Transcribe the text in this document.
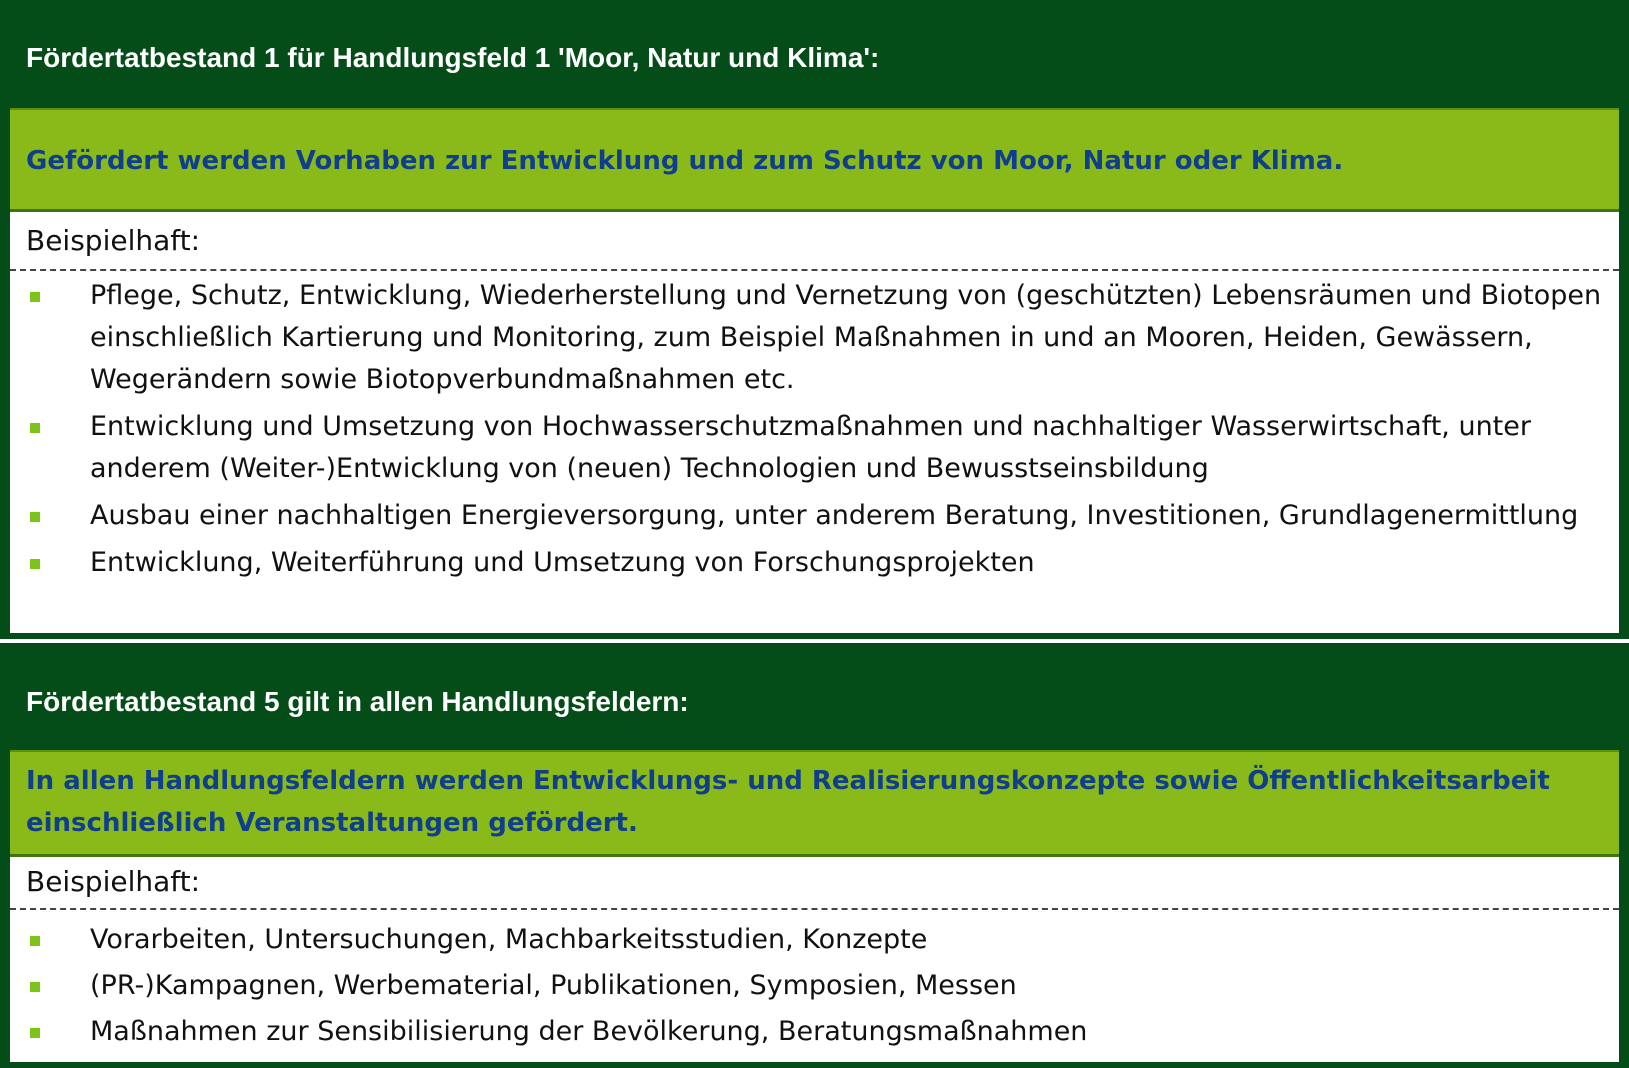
Fördertatbestand 1 für Handlungsfeld 1 'Moor, Natur und Klima':
Gefördert werden Vorhaben zur Entwicklung und zum Schutz von Moor, Natur oder Klima.
Beispielhaft:
Pflege, Schutz, Entwicklung, Wiederherstellung und Vernetzung von (geschützten) Lebensräumen und Biotopen einschließlich Kartierung und Monitoring, zum Beispiel Maßnahmen in und an Mooren, Heiden, Gewässern, Wegerändern sowie Biotopverbundmaßnahmen etc.
Entwicklung und Umsetzung von Hochwasserschutzmaßnahmen und nachhaltiger Wasserwirtschaft, unter anderem (Weiter-)Entwicklung von (neuen) Technologien und Bewusstseinsbildung
Ausbau einer nachhaltigen Energieversorgung, unter anderem Beratung, Investitionen, Grundlagenermittlung
Entwicklung, Weiterführung und Umsetzung von Forschungsprojekten
Fördertatbestand 5 gilt in allen Handlungsfeldern:
In allen Handlungsfeldern werden Entwicklungs- und Realisierungskonzepte sowie Öffentlichkeitsarbeit einschließlich Veranstaltungen gefördert.
Beispielhaft:
Vorarbeiten, Untersuchungen, Machbarkeitsstudien, Konzepte
(PR-)Kampagnen, Werbematerial, Publikationen, Symposien, Messen
Maßnahmen zur Sensibilisierung der Bevölkerung, Beratungsmaßnahmen
